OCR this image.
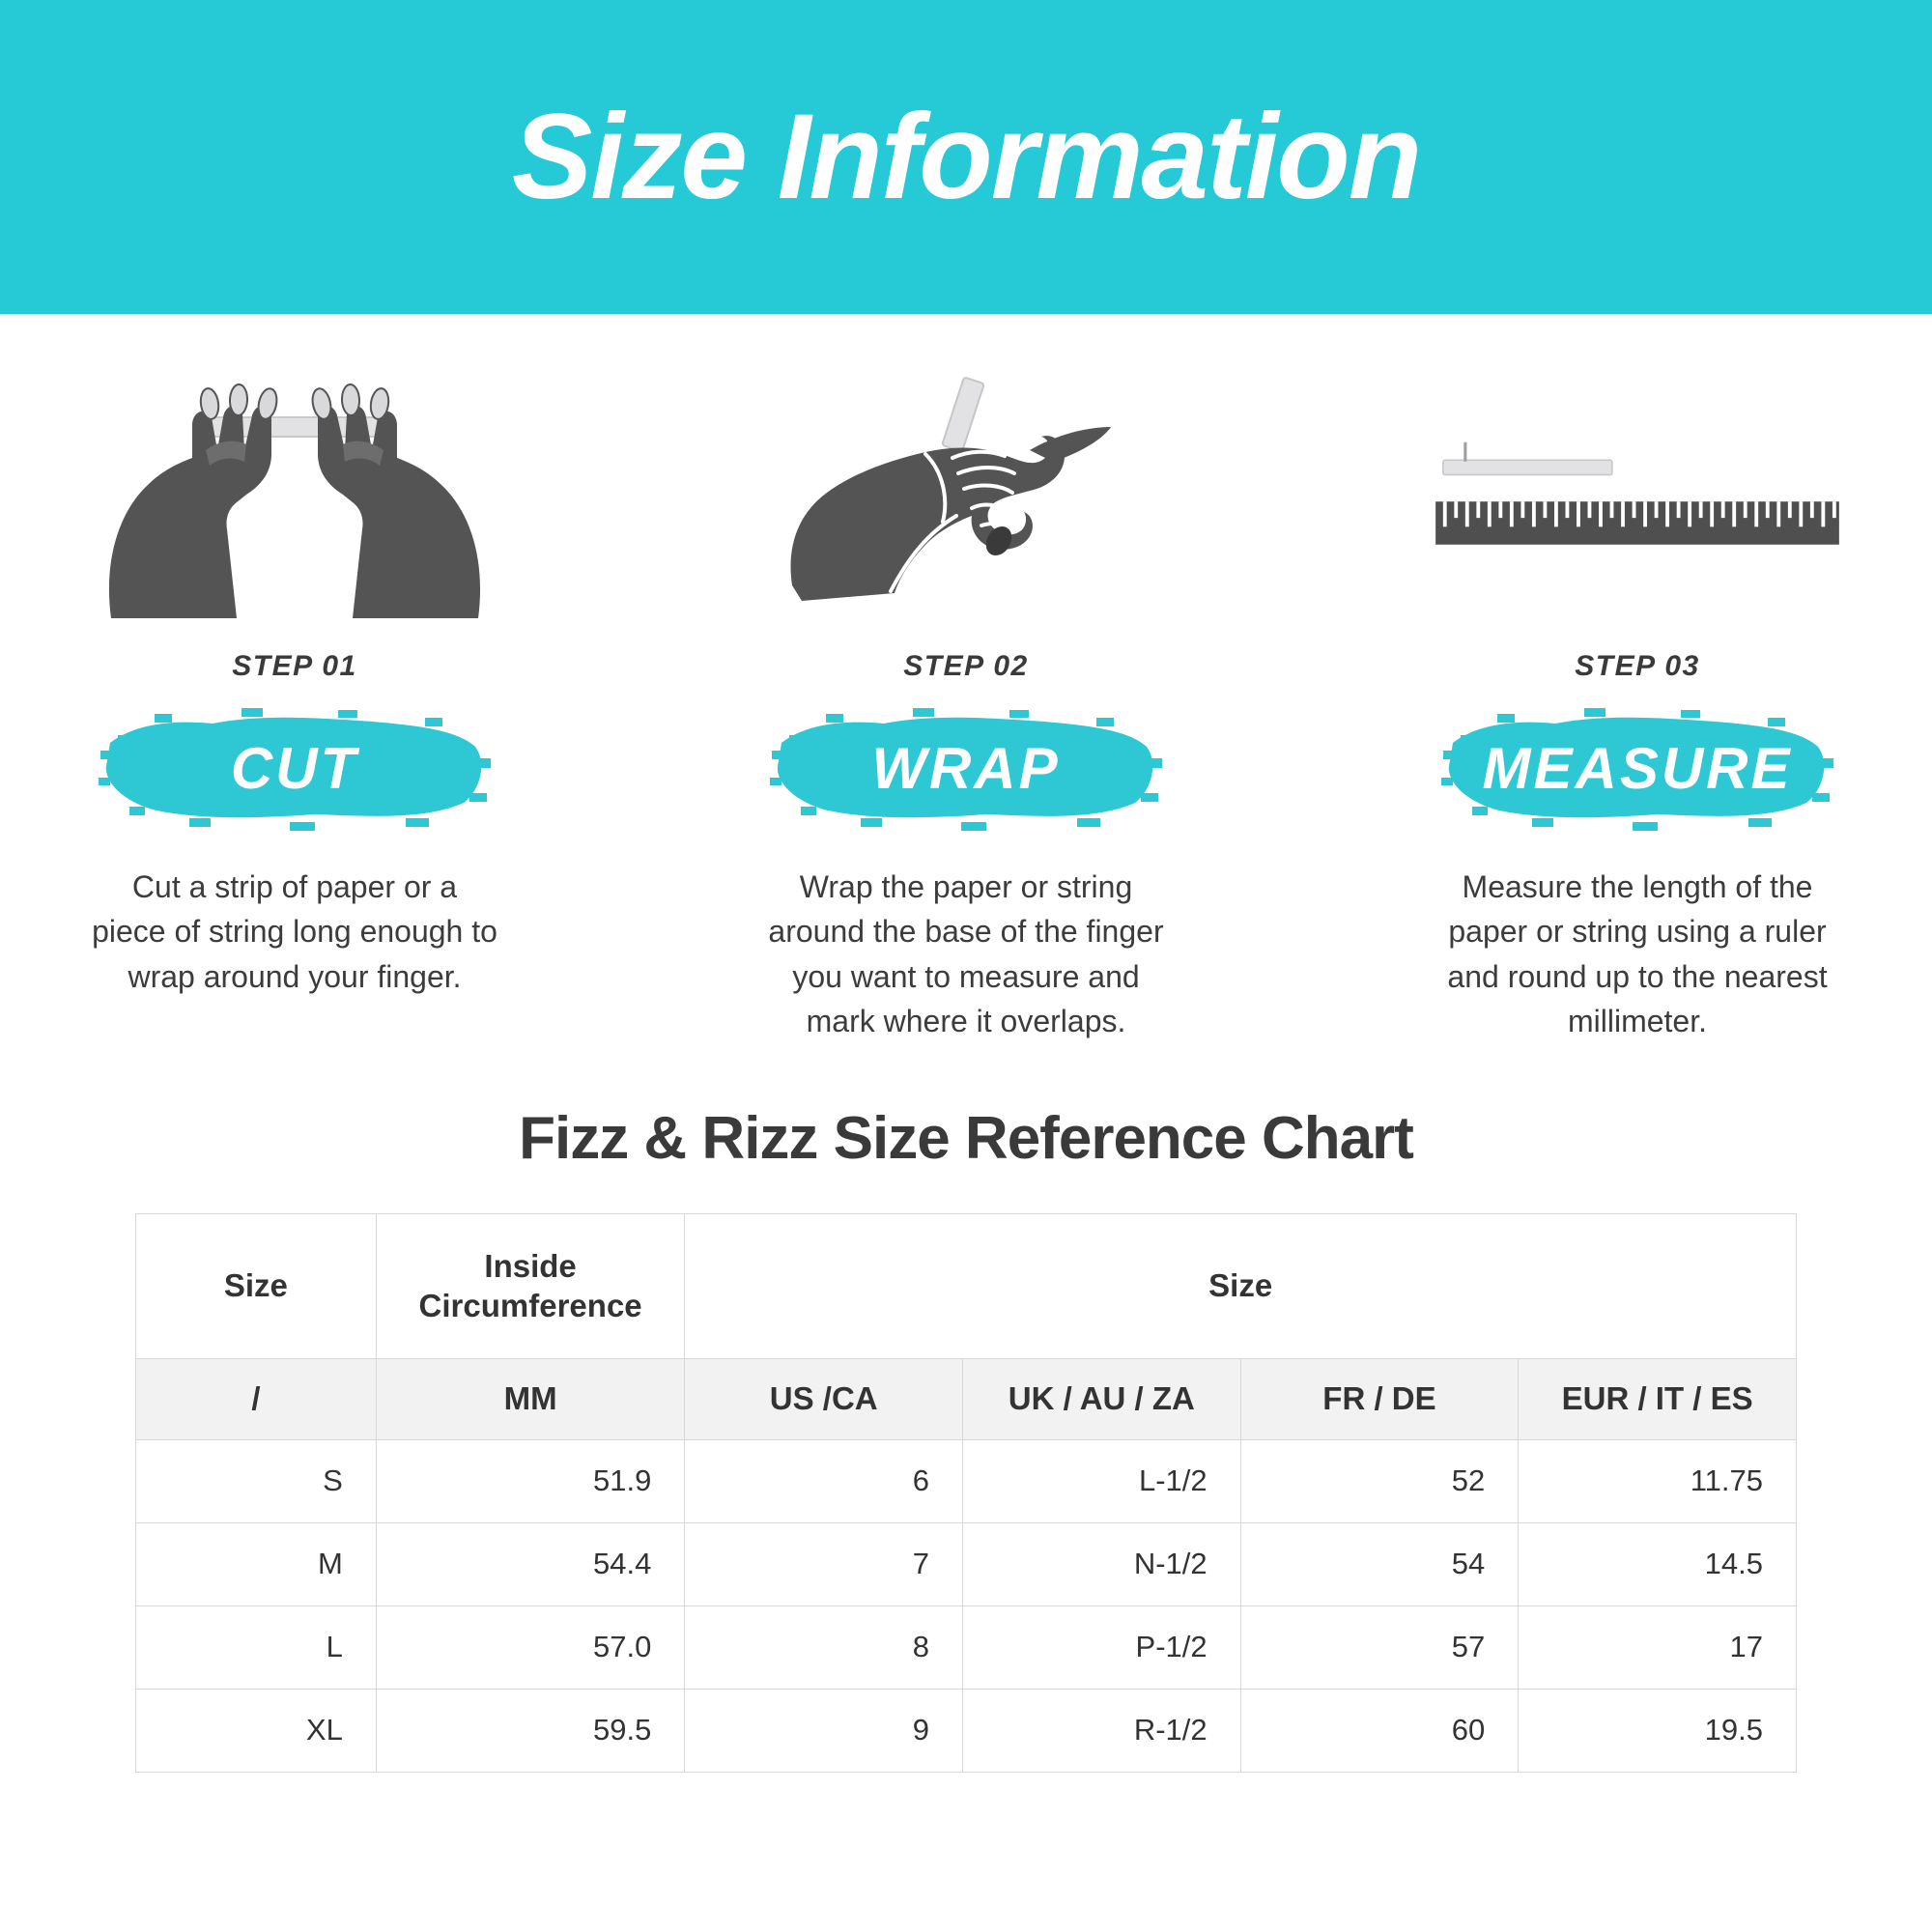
Size Information
STEP 01
CUT
Cut a strip of paper or a piece of string long enough to wrap around your finger.
STEP 02
WRAP
Wrap the paper or string around the base of the finger you want to measure and mark where it overlaps.
STEP 03
MEASURE
Measure the length of the paper or string using a ruler and round up to the nearest millimeter.
Fizz & Rizz Size Reference Chart
Size	Inside Circumference	Size			
/	MM	US /CA	UK / AU / ZA	FR / DE	EUR / IT / ES
S	51.9	6	L-1/2	52	11.75
M	54.4	7	N-1/2	54	14.5
L	57.0	8	P-1/2	57	17
XL	59.5	9	R-1/2	60	19.5
